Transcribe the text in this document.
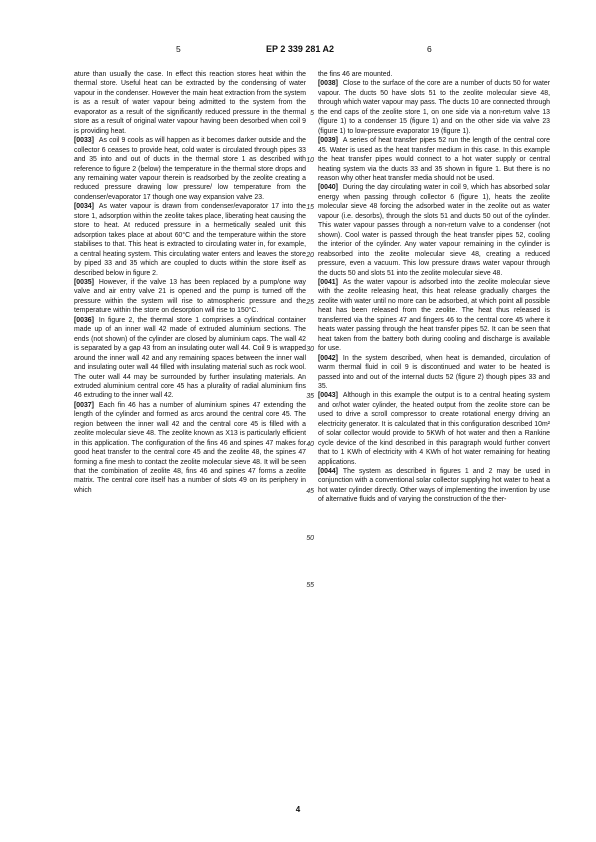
5	EP 2 339 281 A2	6

ature than usually the case. In effect this reaction stores heat within the thermal store. Useful heat can be extracted by the condensing of water vapour in the condenser. However the main heat extraction from the system is as a result of water vapour being admitted to the system from the evaporator as a result of the significantly reduced pressure in the thermal store as a result of original water vapour having been desorbed when coil 9 is providing heat.

[0033] As coil 9 cools as will happen as it becomes darker outside and the collector 6 ceases to provide heat, cold water is circulated through pipes 33 and 35 into and out of ducts in the thermal store 1 as described with reference to figure 2 (below) the temperature in the thermal store drops and any remaining water vapour therein is readsorbed by the zeolite creating a reduced pressure drawing low pressure/ low temperature from the condenser/evaporator 17 though one way expansion valve 23.

[0034] As water vapour is drawn from condenser/evaporator 17 into the store 1, adsorption within the zeolite takes place, liberating heat causing the store to heat. At reduced pressure in a hermetically sealed unit this adsorption takes place at about 60°C and the temperature within the store stabilises to that. This heat is extracted to circulating water in, for example, a central heating system. This circulating water enters and leaves the store by piped 33 and 35 which are coupled to ducts within the store itself as described below in figure 2.

[0035] However, if the valve 13 has been replaced by a pump/one way valve and air entry valve 21 is opened and the pump is turned off the pressure within the system will rise to atmospheric pressure and the temperature within the store on desorption will rise to 150°C.

[0036] In figure 2, the thermal store 1 comprises a cylindrical container made up of an inner wall 42 made of extruded aluminium sections. The ends (not shown) of the cylinder are closed by aluminium caps. The wall 42 is separated by a gap 43 from an insulating outer wall 44. Coil 9 is wrapped around the inner wall 42 and any remaining spaces between the inner wall and insulating outer wall 44 filled with insulating material such as rock wool. The outer wall 44 may be surrounded by further insulating materials. An extruded aluminium central core 45 has a plurality of radial aluminium fins 46 extruding to the inner wall 42.

[0037] Each fin 46 has a number of aluminium spines 47 extending the length of the cylinder and formed as arcs around the central core 45. The region between the inner wall 42 and the central core 45 is filled with a zeolite molecular sieve 48. The zeolite known as X13 is particularly efficient in this application. The configuration of the fins 46 and spines 47 makes for good heat transfer to the central core 45 and the zeolite 48, the spines 47 forming a fine mesh to contact the zeolite molecular sieve 48. It will be seen that the combination of zeolite 48, fins 46 and spines 47 forms a zeolite matrix. The central core itself has a number of slots 49 on its periphery in which

the fins 46 are mounted.

[0038] Close to the surface of the core are a number of ducts 50 for water vapour. The ducts 50 have slots 51 to the zeolite molecular sieve 48, through which water vapour may pass. The ducts 10 are connected through the end caps of the zeolite store 1, on one side via a non-return valve 13 (figure 1) to a condenser 15 (figure 1) and on the other side via valve 23 (figure 1) to low-pressure evaporator 19 (figure 1).

[0039] A series of heat transfer pipes 52 run the length of the central core 45. Water is used as the heat transfer medium in this case. In this example the heat transfer pipes would connect to a hot water supply or central heating system via the ducts 33 and 35 shown in figure 1. But there is no reason why other heat transfer media should not be used.

[0040] During the day circulating water in coil 9, which has absorbed solar energy when passing through collector 6 (figure 1), heats the zeolite molecular sieve 48 forcing the adsorbed water in the zeolite out as water vapour (i.e. desorbs), through the slots 51 and ducts 50 out of the cylinder. This water vapour passes through a non-return valve to a condenser (not shown). Cool water is passed through the heat transfer pipes 52, cooling the interior of the cylinder. Any water vapour remaining in the cylinder is reabsorbed into the zeolite molecular sieve 48, creating a reduced pressure, even a vacuum. This low pressure draws water vapour through the ducts 50 and slots 51 into the zeolite molecular sieve 48.

[0041] As the water vapour is adsorbed into the zeolite molecular sieve with the zeolite releasing heat, this heat release gradually charges the zeolite with water until no more can be adsorbed, at which point all possible heat has been released from the zeolite. The heat thus released is transferred via the spines 47 and fingers 46 to the central core 45 where it heats water passing through the heat transfer pipes 52. It can be seen that heat taken from the battery both during cooling and discharge is available for use.

[0042] In the system described, when heat is demanded, circulation of warm thermal fluid in coil 9 is discontinued and water to be heated is passed into and out of the internal ducts 52 (figure 2) though pipes 33 and 35.

[0043] Although in this example the output is to a central heating system and or/hot water cylinder, the heated output from the zeolite store can be used to drive a scroll compressor to create rotational energy driving an electricity generator. It is calculated that in this configuration described 10m² of solar collector would provide to 5KWh of hot water and then a Rankine cycle device of the kind described in this paragraph would further convert that to 1 KWh of electricity with 4 KWh of hot water remaining for heating applications.

[0044] The system as described in figures 1 and 2 may be used in conjunction with a conventional solar collector supplying hot water to heat a hot water cylinder directly. Other ways of implementing the invention by use of alternative fluids and of varying the construction of the ther-

5
10
15
20
25
30
35
40
45
50
55
4
